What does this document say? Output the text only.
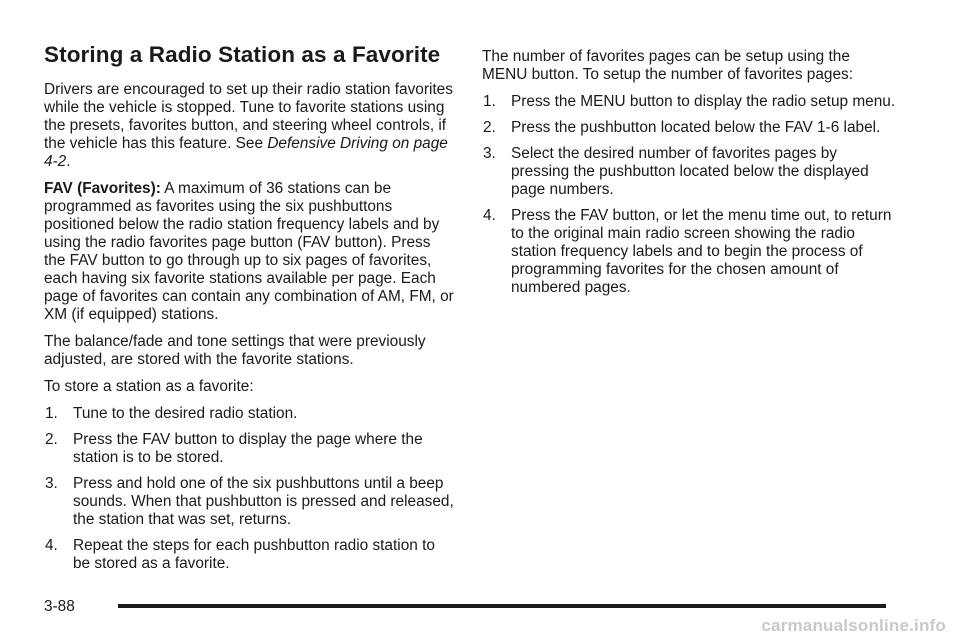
Storing a Radio Station as a Favorite

Drivers are encouraged to set up their radio station favorites while the vehicle is stopped. Tune to favorite stations using the presets, favorites button, and steering wheel controls, if the vehicle has this feature. See Defensive Driving on page 4-2.

FAV (Favorites): A maximum of 36 stations can be programmed as favorites using the six pushbuttons positioned below the radio station frequency labels and by using the radio favorites page button (FAV button). Press the FAV button to go through up to six pages of favorites, each having six favorite stations available per page. Each page of favorites can contain any combination of AM, FM, or XM (if equipped) stations.

The balance/fade and tone settings that were previously adjusted, are stored with the favorite stations.

To store a station as a favorite:

1. Tune to the desired radio station.
2. Press the FAV button to display the page where the station is to be stored.
3. Press and hold one of the six pushbuttons until a beep sounds. When that pushbutton is pressed and released, the station that was set, returns.
4. Repeat the steps for each pushbutton radio station to be stored as a favorite.

The number of favorites pages can be setup using the MENU button. To setup the number of favorites pages:

1. Press the MENU button to display the radio setup menu.
2. Press the pushbutton located below the FAV 1-6 label.
3. Select the desired number of favorites pages by pressing the pushbutton located below the displayed page numbers.
4. Press the FAV button, or let the menu time out, to return to the original main radio screen showing the radio station frequency labels and to begin the process of programming favorites for the chosen amount of numbered pages.
3-88
carmanualsonline.info
